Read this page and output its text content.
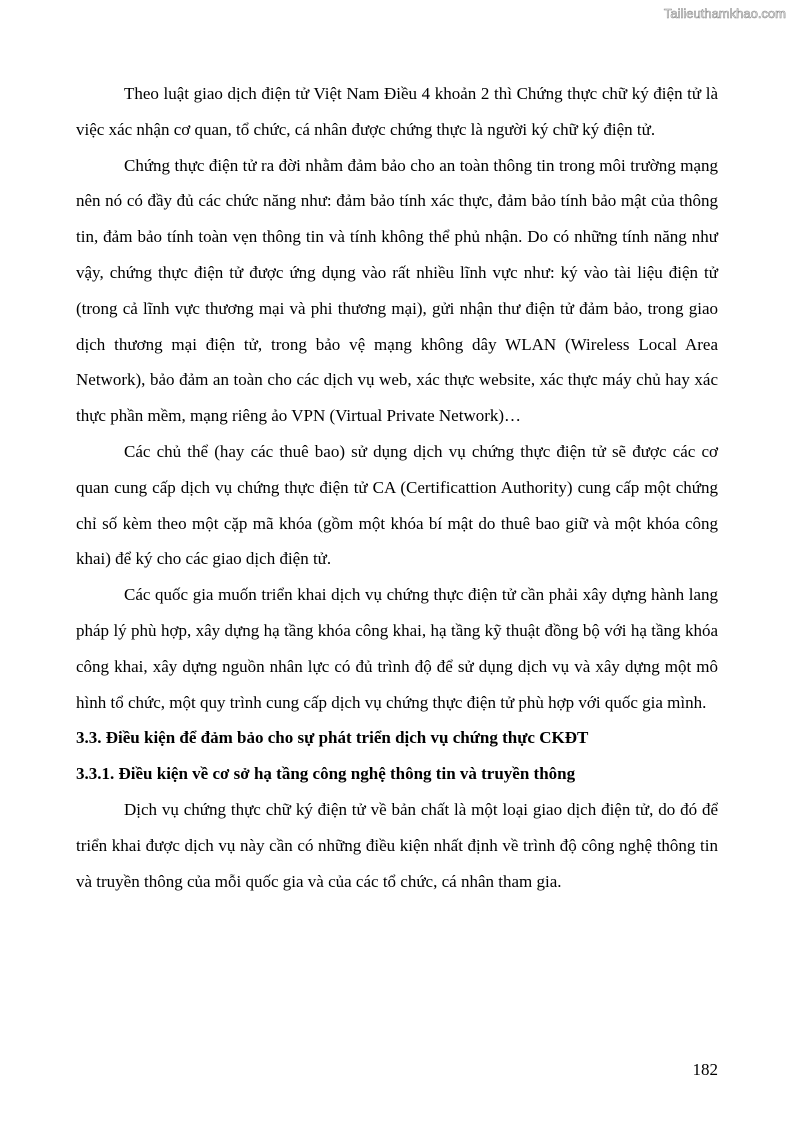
Tailieuthamkhao.com

Theo luật giao dịch điện tử Việt Nam Điều 4 khoản 2 thì Chứng thực chữ ký điện tử là việc xác nhận cơ quan, tổ chức, cá nhân được chứng thực là người ký chữ ký điện tử.

Chứng thực điện tử ra đời nhằm đảm bảo cho an toàn thông tin trong môi trường mạng nên nó có đầy đủ các chức năng như: đảm bảo tính xác thực, đảm bảo tính bảo mật của thông tin, đảm bảo tính toàn vẹn thông tin và tính không thể phủ nhận. Do có những tính năng như vậy, chứng thực điện tử được ứng dụng vào rất nhiều lĩnh vực như: ký vào tài liệu điện tử (trong cả lĩnh vực thương mại và phi thương mại), gửi nhận thư điện tử đảm bảo, trong giao dịch thương mại điện tử, trong bảo vệ mạng không dây WLAN (Wireless Local Area Network), bảo đảm an toàn cho các dịch vụ web, xác thực website, xác thực máy chủ hay xác thực phần mềm, mạng riêng ảo VPN (Virtual Private Network)…

Các chủ thể (hay các thuê bao) sử dụng dịch vụ chứng thực điện tử sẽ được các cơ quan cung cấp dịch vụ chứng thực điện tử CA (Certificattion Authority) cung cấp một chứng chỉ số kèm theo một cặp mã khóa (gồm một khóa bí mật do thuê bao giữ và một khóa công khai) để ký cho các giao dịch điện tử.

Các quốc gia muốn triển khai dịch vụ chứng thực điện tử cần phải xây dựng hành lang pháp lý phù hợp, xây dựng hạ tầng khóa công khai, hạ tầng kỹ thuật đồng bộ với hạ tầng khóa công khai, xây dựng nguồn nhân lực có đủ trình độ để sử dụng dịch vụ và xây dựng một mô hình tổ chức, một quy trình cung cấp dịch vụ chứng thực điện tử phù hợp với quốc gia mình.

3.3. Điều kiện để đảm bảo cho sự phát triển dịch vụ chứng thực CKĐT

3.3.1. Điều kiện về cơ sở hạ tầng công nghệ thông tin và truyền thông

Dịch vụ chứng thực chữ ký điện tử về bản chất là một loại giao dịch điện tử, do đó để triển khai được dịch vụ này cần có những điều kiện nhất định về trình độ công nghệ thông tin và truyền thông của mỗi quốc gia và của các tổ chức, cá nhân tham gia.

182
